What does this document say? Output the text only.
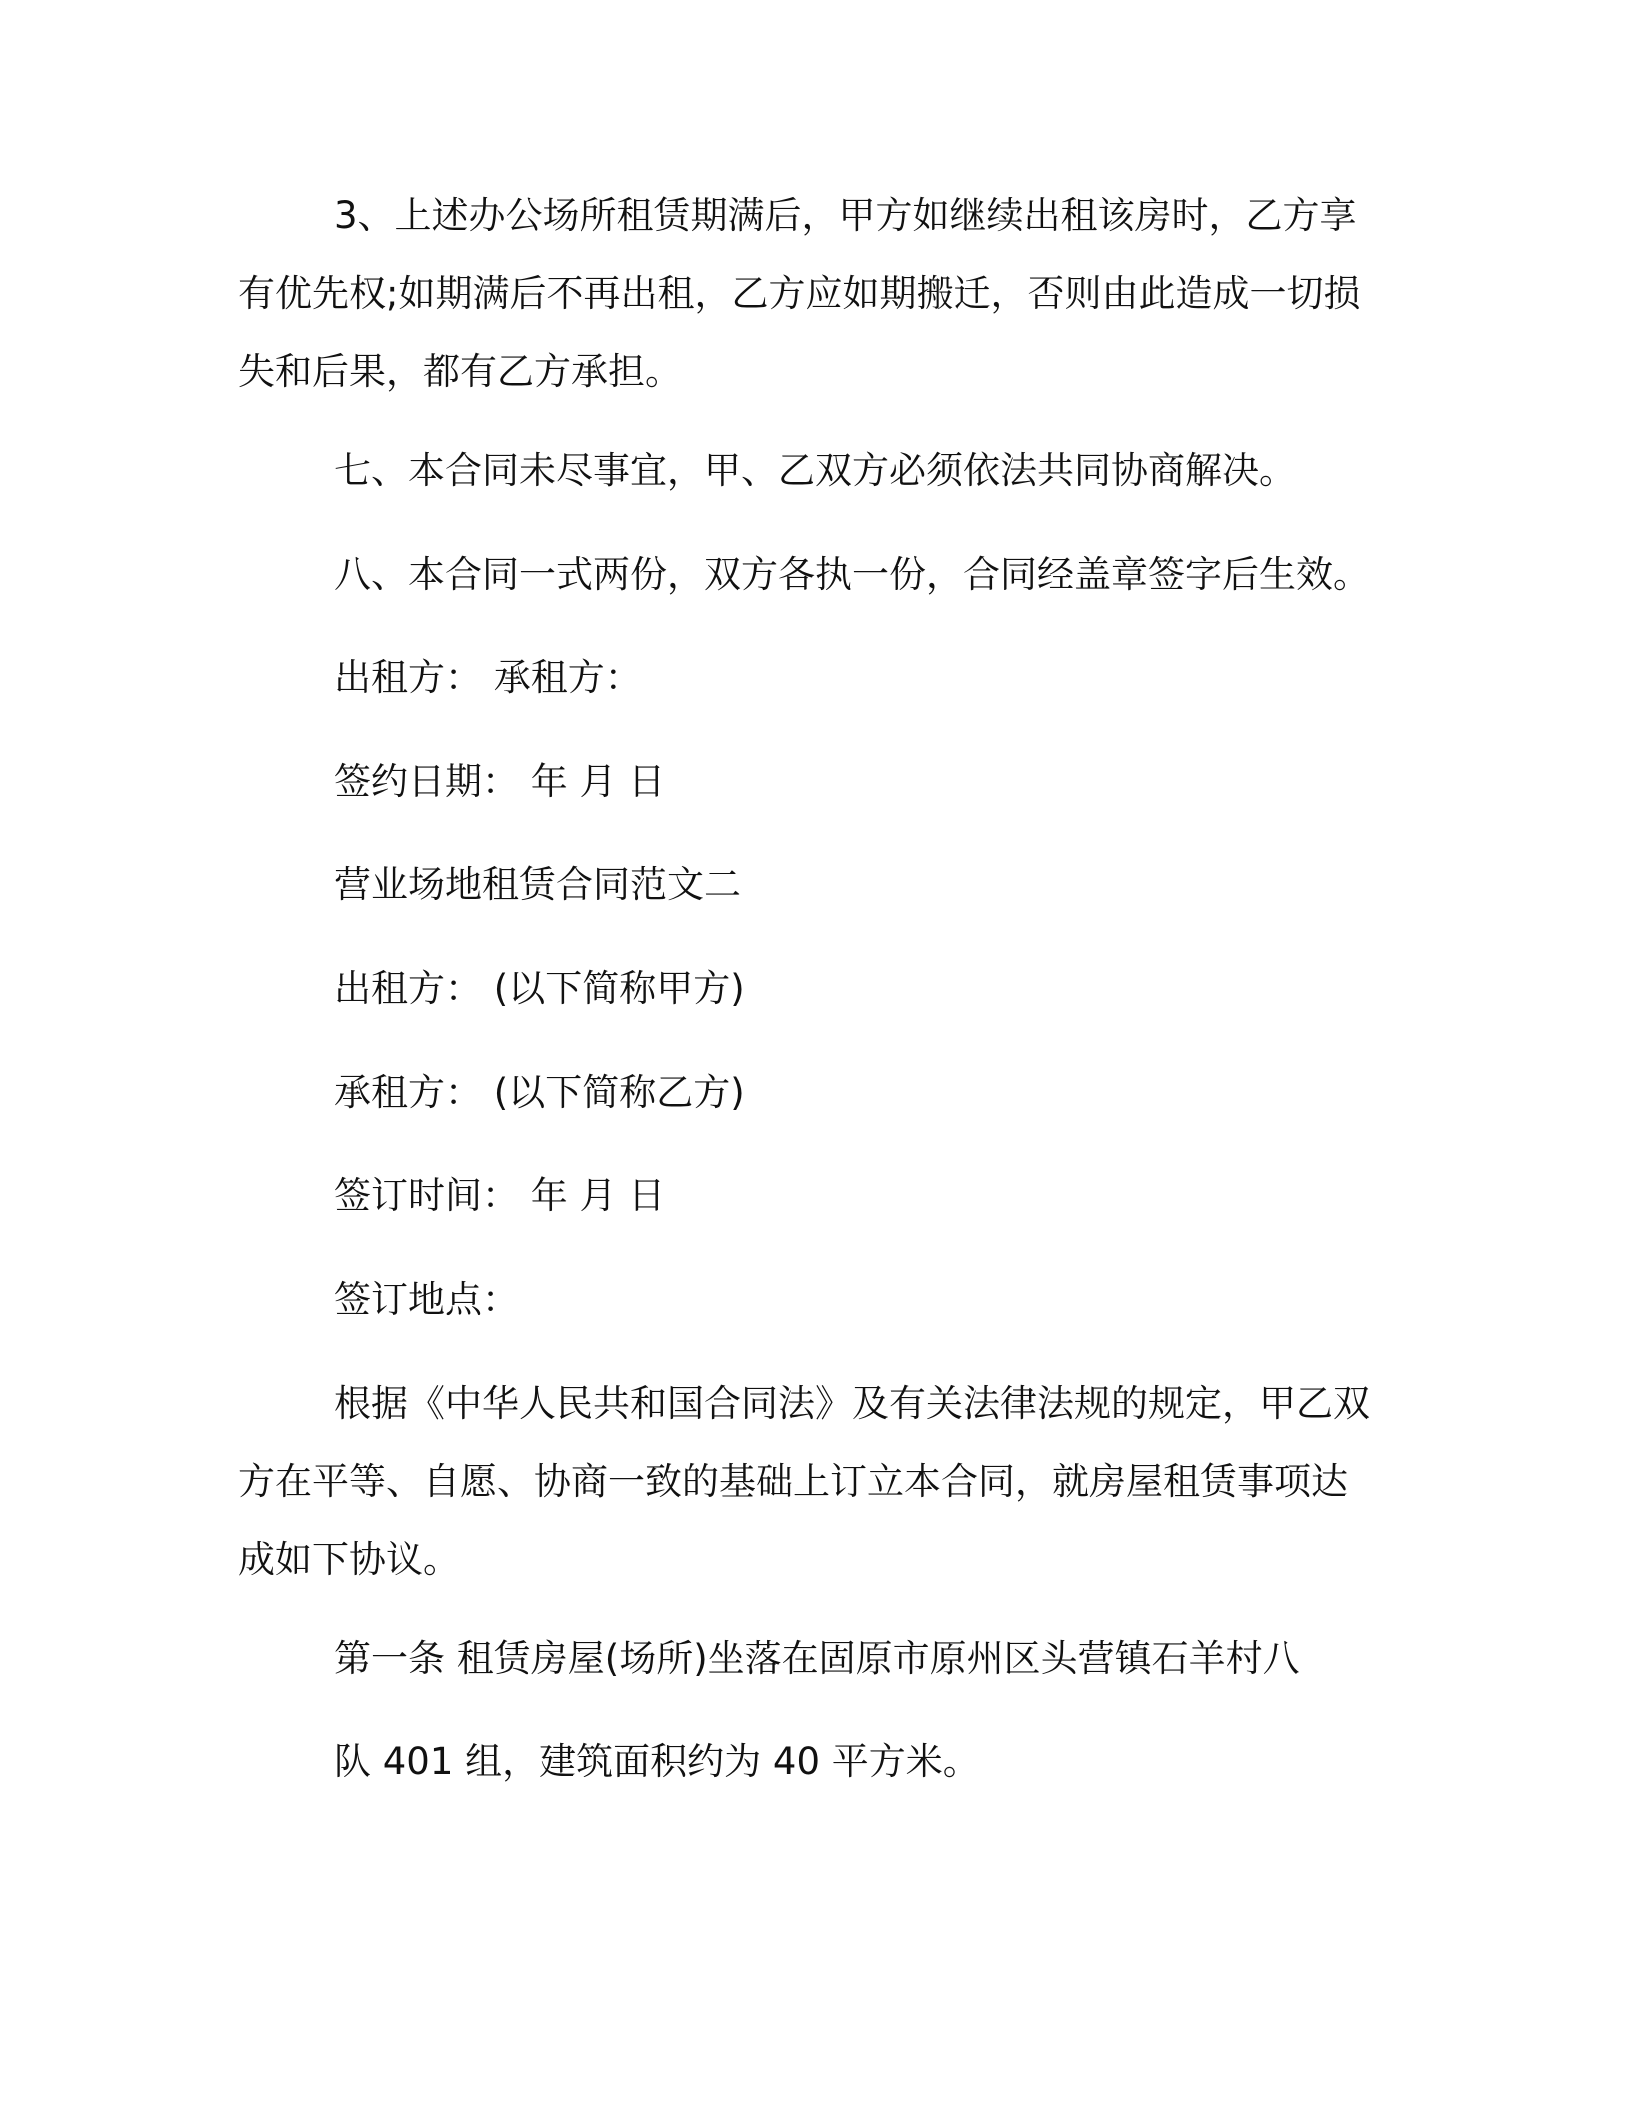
3、上述办公场所租赁期满后，甲方如继续出租该房时，乙方享
有优先权;如期满后不再出租，乙方应如期搬迁，否则由此造成一切损
失和后果，都有乙方承担。

七、本合同未尽事宜，甲、乙双方必须依法共同协商解决。

八、本合同一式两份，双方各执一份，合同经盖章签字后生效。

出租方： 承租方：

签约日期： 年 月 日

营业场地租赁合同范文二

出租方： (以下简称甲方)

承租方： (以下简称乙方)

签订时间： 年 月 日

签订地点：

根据《中华人民共和国合同法》及有关法律法规的规定，甲乙双
方在平等、自愿、协商一致的基础上订立本合同，就房屋租赁事项达
成如下协议。

第一条 租赁房屋(场所)坐落在固原市原州区头营镇石羊村八

队 401 组，建筑面积约为 40 平方米。
